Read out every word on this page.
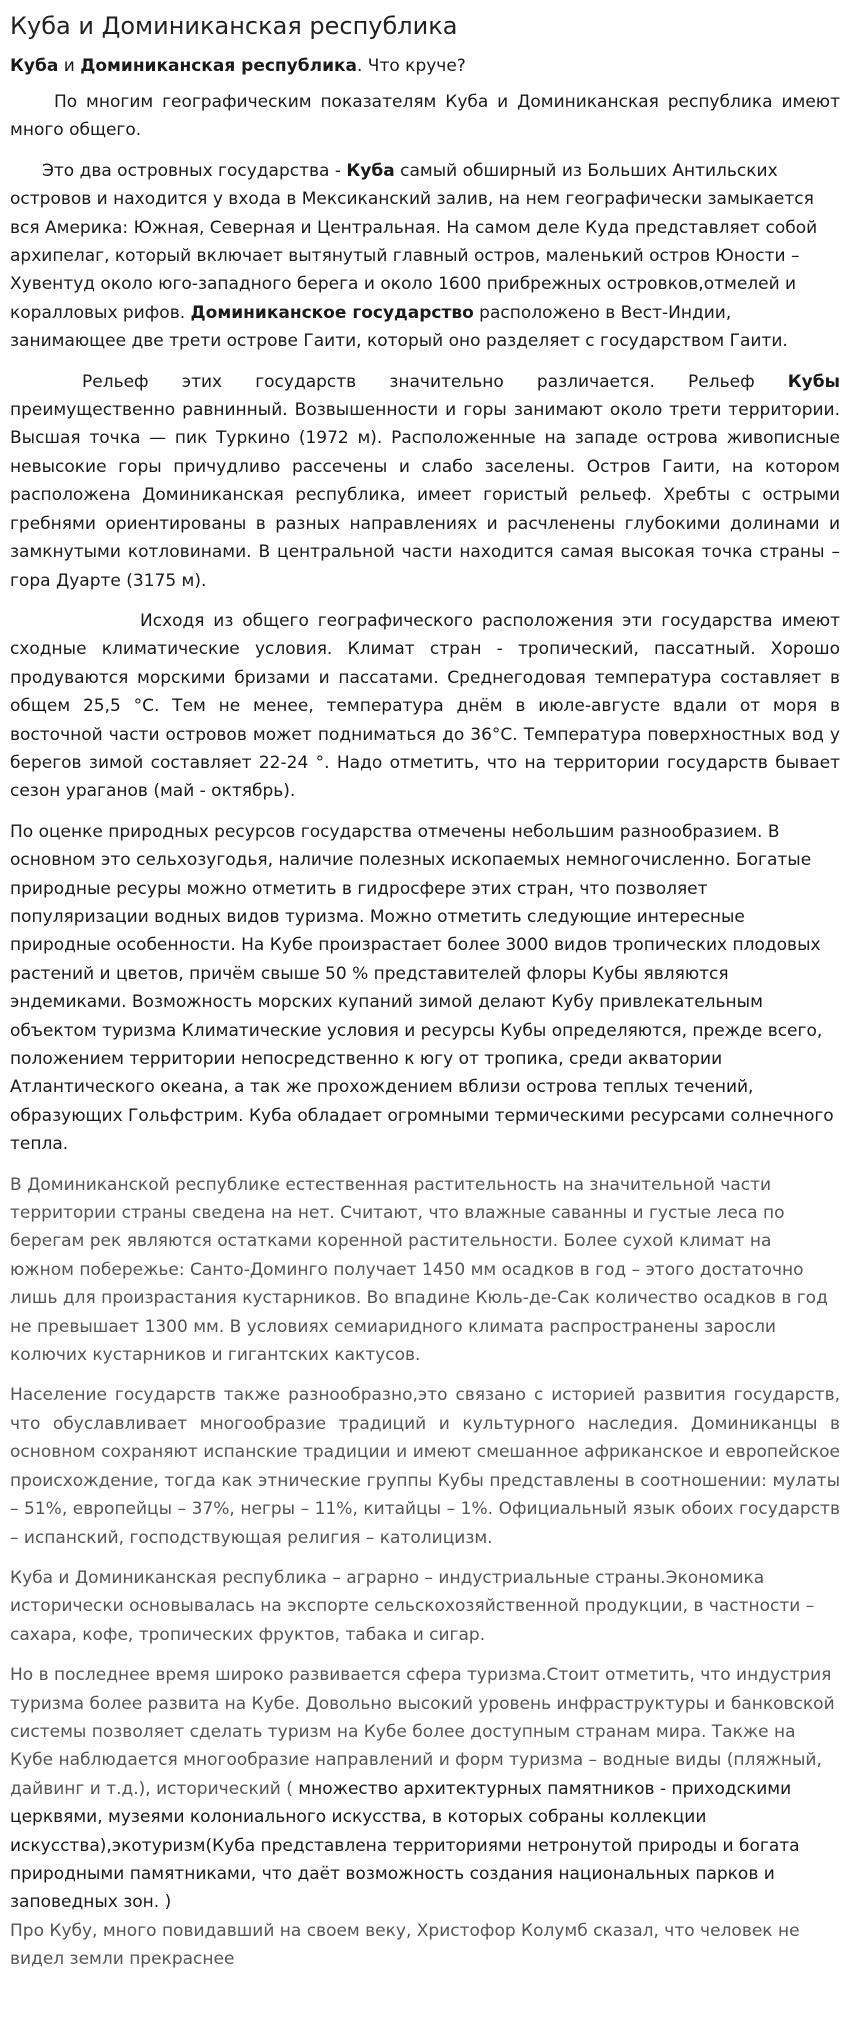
Куба и Доминиканская республика
Куба и Доминиканская республика. Что круче?

По многим географическим показателям Куба и Доминиканская республика имеют много общего.

Это два островных государства - Куба самый обширный из Больших Антильских островов и находится у входа в Мексиканский залив, на нем географически замыкается вся Америка: Южная, Северная и Центральная. На самом деле Куда представляет собой архипелаг, который включает вытянутый главный остров, маленький остров Юности – Хувентуд около юго-западного берега и около 1600 прибрежных островков,отмелей и коралловых рифов. Доминиканское государство расположено в Вест-Индии, занимающее две трети острове Гаити, который оно разделяет с государством Гаити.

Рельеф этих государств значительно различается. Рельеф Кубы преимущественно равнинный. Возвышенности и горы занимают около трети территории. Высшая точка — пик Туркино (1972 м). Расположенные на западе острова живописные невысокие горы причудливо рассечены и слабо заселены. Остров Гаити, на котором расположена Доминиканская республика, имеет гористый рельеф. Хребты с острыми гребнями ориентированы в разных направлениях и расчленены глубокими долинами и замкнутыми котловинами. В центральной части находится самая высокая точка страны – гора Дуарте (3175 м).

Исходя из общего географического расположения эти государства имеют сходные климатические условия. Климат стран - тропический, пассатный. Хорошо продуваются морскими бризами и пассатами. Среднегодовая температура составляет в общем 25,5 °С. Тем не менее, температура днём в июле-августе вдали от моря в восточной части островов может подниматься до 36°С. Температура поверхностных вод у берегов зимой составляет 22-24 °. Надо отметить, что на территории государств бывает сезон ураганов (май - октябрь).

По оценке природных ресурсов государства отмечены небольшим разнообразием. В основном это сельхозугодья, наличие полезных ископаемых немногочисленно. Богатые природные ресуры можно отметить в гидросфере этих стран, что позволяет популяризации водных видов туризма. Можно отметить следующие интересные природные особенности. На Кубе произрастает более 3000 видов тропических плодовых растений и цветов, причём свыше 50 % представителей флоры Кубы являются эндемиками. Возможность морских купаний зимой делают Кубу привлекательным объектом туризма Климатические условия и ресурсы Кубы определяются, прежде всего, положением территории непосредственно к югу от тропика, среди акватории Атлантического океана, а так же прохождением вблизи острова теплых течений, образующих Гольфстрим. Куба обладает огромными термическими ресурсами солнечного тепла.

В Доминиканской республике естественная растительность на значительной части территории страны сведена на нет. Считают, что влажные саванны и густые леса по берегам рек являются остатками коренной растительности. Более сухой климат на южном побережье: Санто-Доминго получает 1450 мм осадков в год – этого достаточно лишь для произрастания кустарников. Во впадине Кюль-де-Сак количество осадков в год не превышает 1300 мм. В условиях семиаридного климата распространены заросли колючих кустарников и гигантских кактусов.

Население государств также разнообразно,это связано с историей развития государств, что обуславливает многообразие традиций и культурного наследия. Доминиканцы в основном сохраняют испанские традиции и имеют смешанное африканское и европейское происхождение, тогда как этнические группы Кубы представлены в соотношении: мулаты – 51%, европейцы – 37%, негры – 11%, китайцы – 1%. Официальный язык обоих государств – испанский, господствующая религия – католицизм.

Куба и Доминиканская республика – аграрно – индустриальные страны.Экономика исторически основывалась на экспорте сельскохозяйственной продукции, в частности – сахара, кофе, тропических фруктов, табака и сигар.

Но в последнее время широко развивается сфера туризма.Стоит отметить, что индустрия туризма более развита на Кубе. Довольно высокий уровень инфраструктуры и банковской системы позволяет сделать туризм на Кубе более доступным странам мира. Также на Кубе наблюдается многообразие направлений и форм туризма – водные виды (пляжный, дайвинг и т.д.), исторический ( множество архитектурных памятников - приходскими церквями, музеями колониального искусства, в которых собраны коллекции искусства),экотуризм(Куба представлена территориями нетронутой природы и богата природными памятниками, что даёт возможность создания национальных парков и заповедных зон. )
Про Кубу, много повидавший на своем веку, Христофор Колумб сказал, что человек не видел земли прекраснее
